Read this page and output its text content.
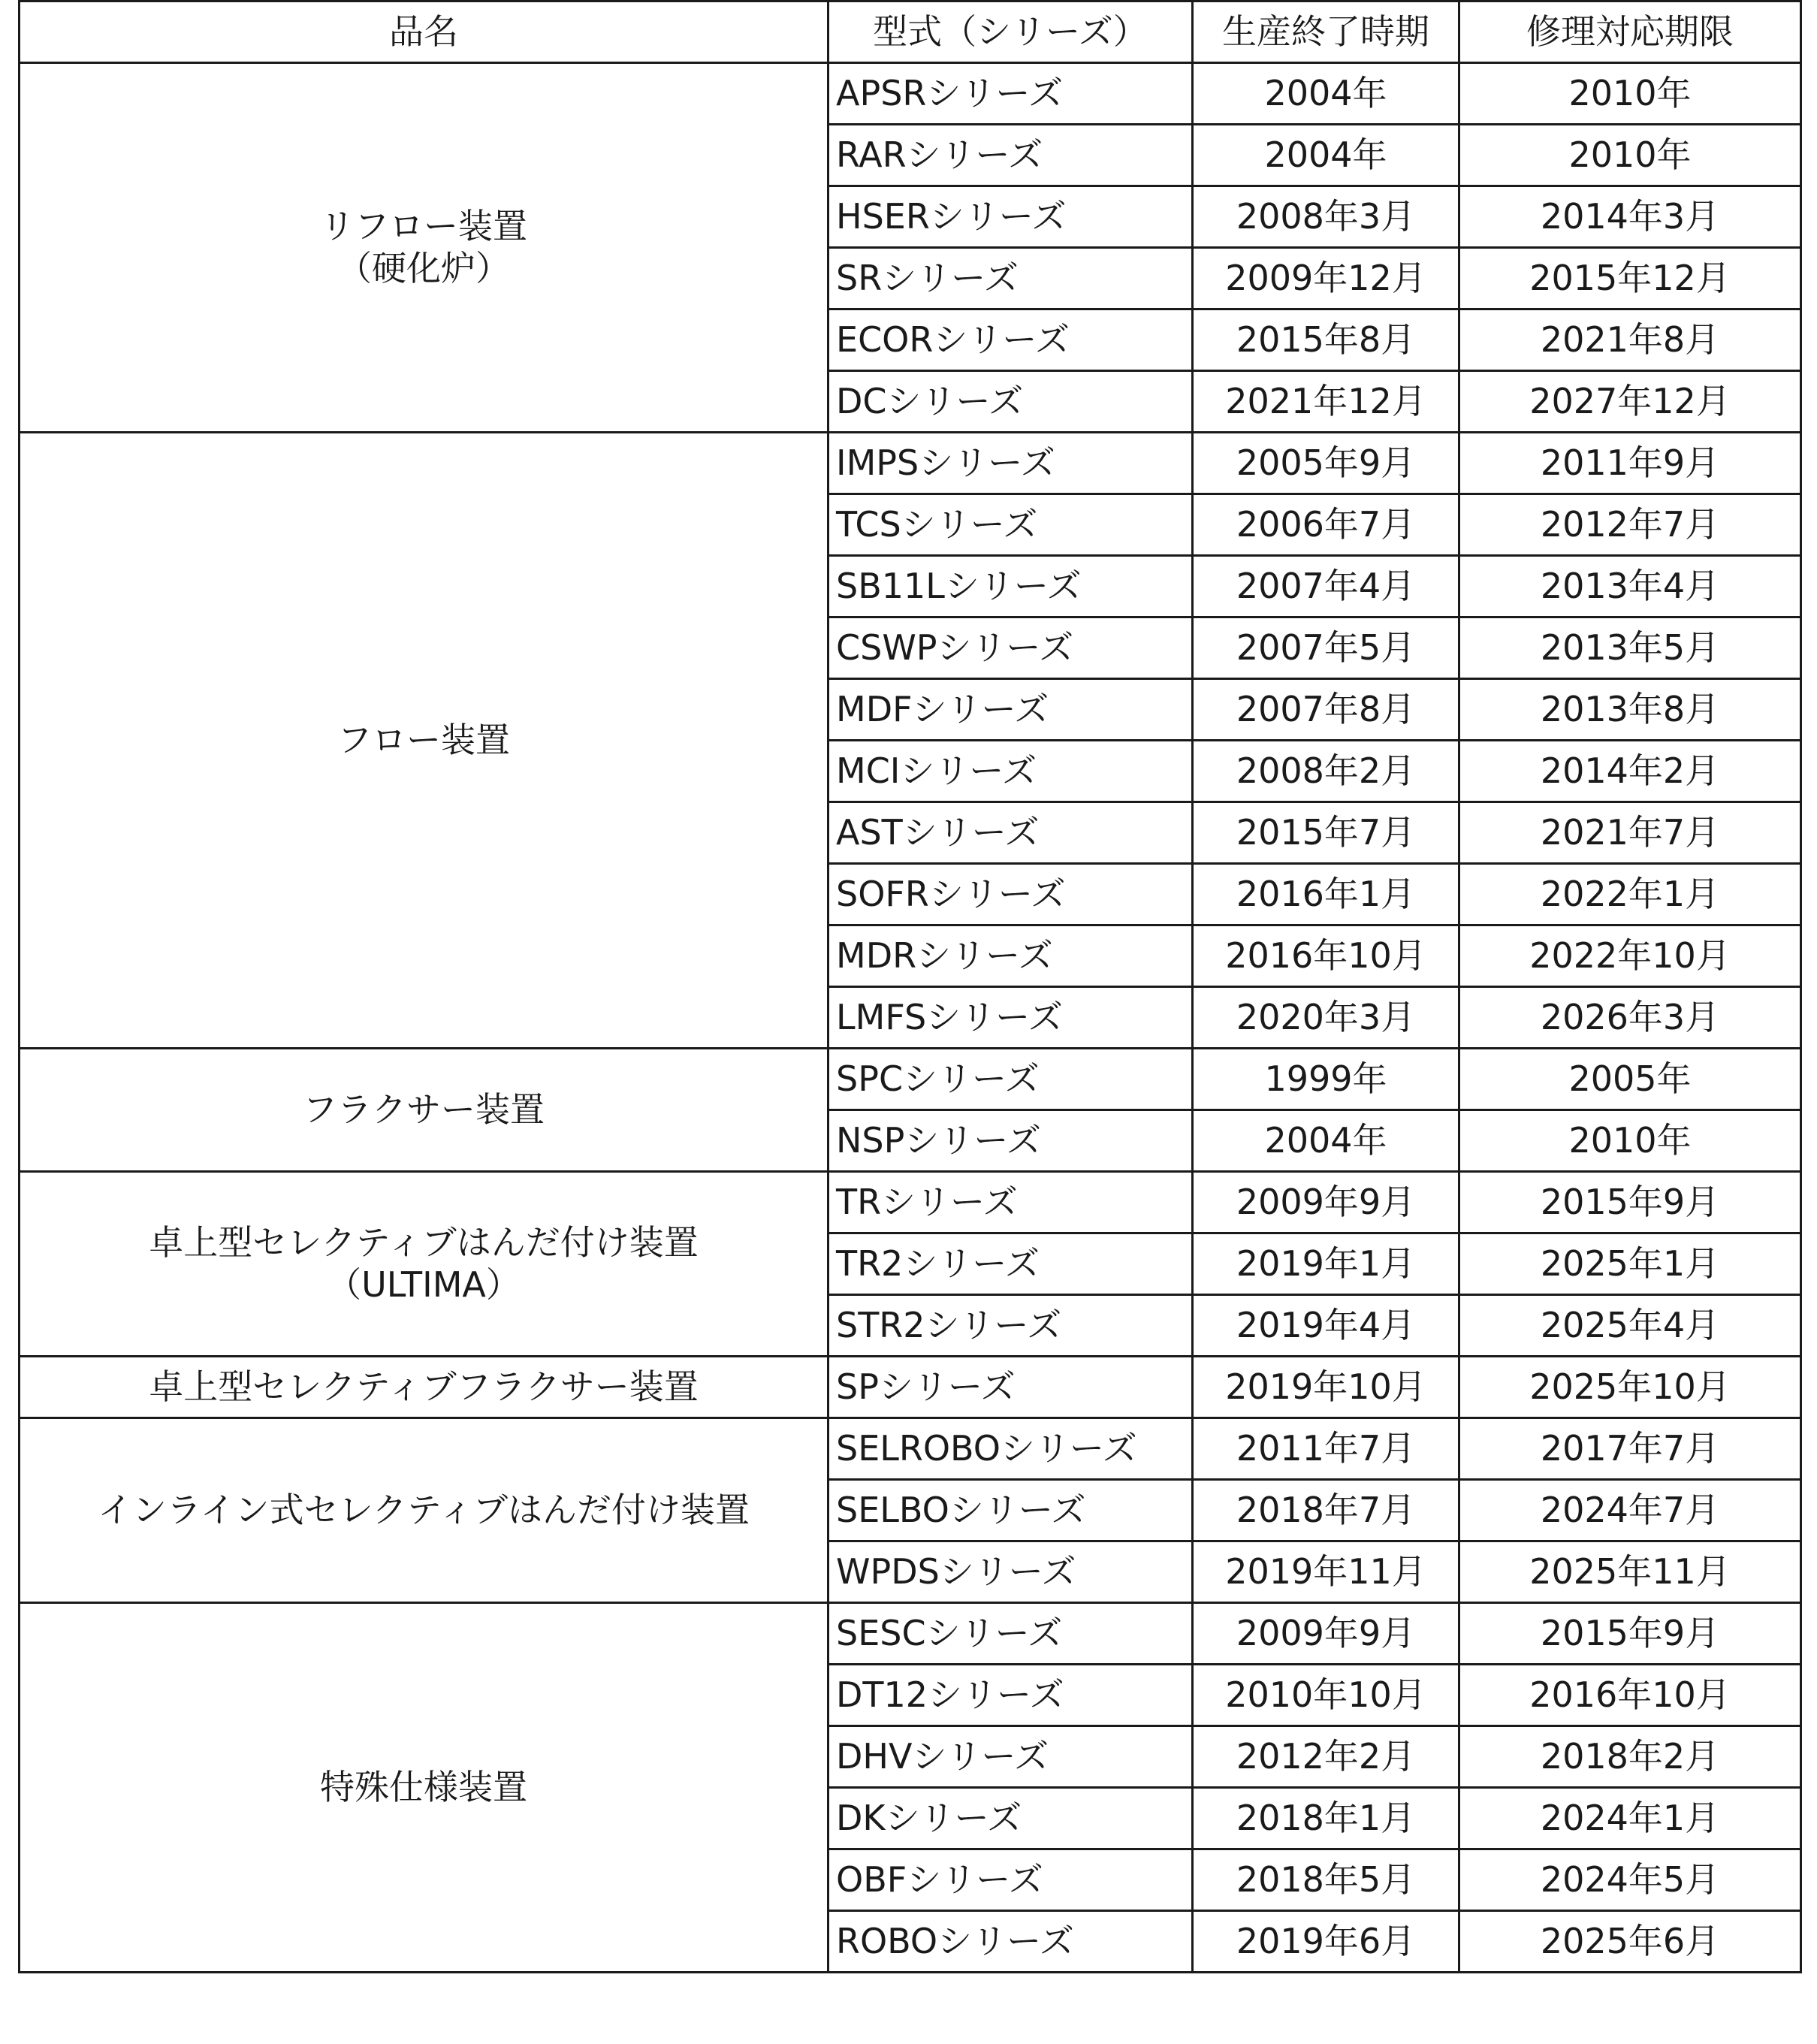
品名	型式（シリーズ）	生産終了時期	修理対応期限

リフロー装置
（硬化炉）	APSRシリーズ	2004年	2010年
	RARシリーズ	2004年	2010年
	HSERシリーズ	2008年3月	2014年3月
	SRシリーズ	2009年12月	2015年12月
	ECORシリーズ	2015年8月	2021年8月
	DCシリーズ	2021年12月	2027年12月

フロー装置	IMPSシリーズ	2005年9月	2011年9月
	TCSシリーズ	2006年7月	2012年7月
	SB11Lシリーズ	2007年4月	2013年4月
	CSWPシリーズ	2007年5月	2013年5月
	MDFシリーズ	2007年8月	2013年8月
	MCIシリーズ	2008年2月	2014年2月
	ASTシリーズ	2015年7月	2021年7月
	SOFRシリーズ	2016年1月	2022年1月
	MDRシリーズ	2016年10月	2022年10月
	LMFSシリーズ	2020年3月	2026年3月

フラクサー装置	SPCシリーズ	1999年	2005年
	NSPシリーズ	2004年	2010年

卓上型セレクティブはんだ付け装置
（ULTIMA）	TRシリーズ	2009年9月	2015年9月
	TR2シリーズ	2019年1月	2025年1月
	STR2シリーズ	2019年4月	2025年4月

卓上型セレクティブフラクサー装置	SPシリーズ	2019年10月	2025年10月

インライン式セレクティブはんだ付け装置	SELROBOシリーズ	2011年7月	2017年7月
	SELBOシリーズ	2018年7月	2024年7月
	WPDSシリーズ	2019年11月	2025年11月

特殊仕様装置	SESCシリーズ	2009年9月	2015年9月
	DT12シリーズ	2010年10月	2016年10月
	DHVシリーズ	2012年2月	2018年2月
	DKシリーズ	2018年1月	2024年1月
	OBFシリーズ	2018年5月	2024年5月
	ROBOシリーズ	2019年6月	2025年6月
